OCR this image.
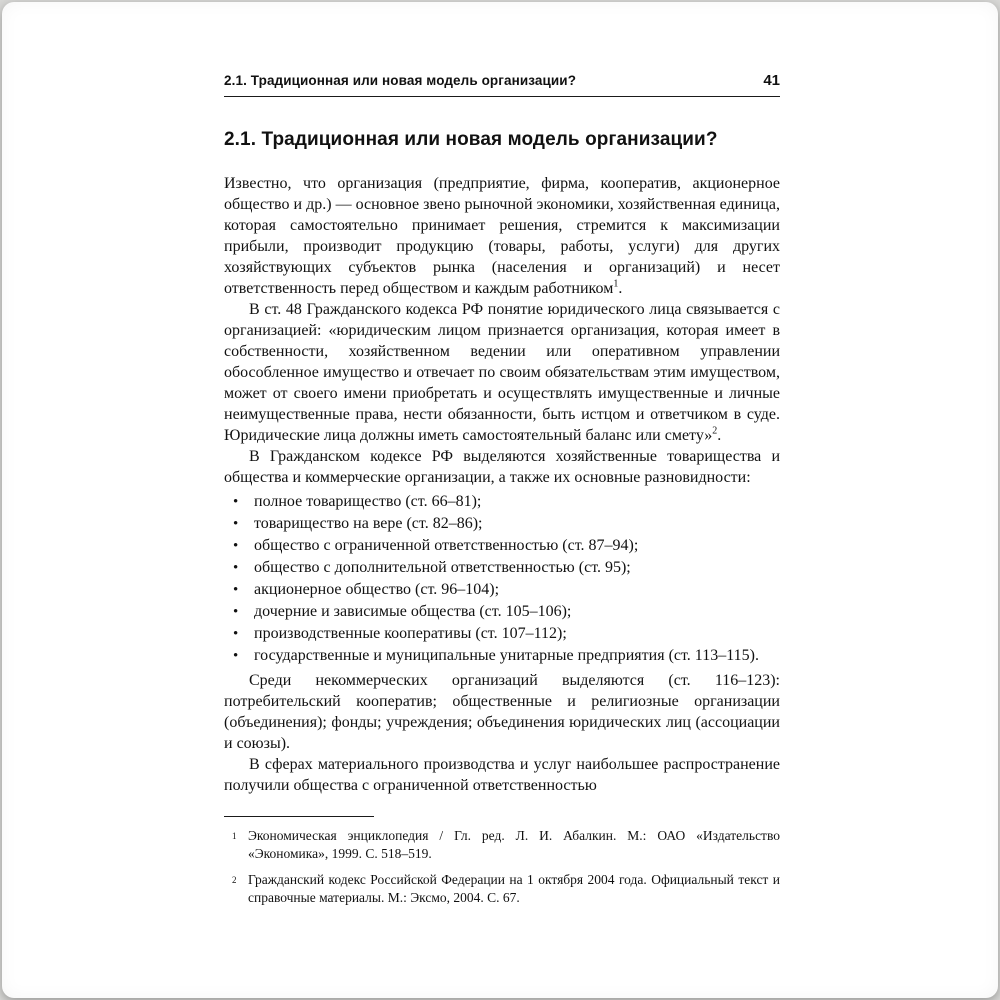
2.1. Традиционная или новая модель организации?	41
2.1. Традиционная или новая модель организации?

Известно, что организация (предприятие, фирма, кооператив, акционерное общество и др.) — основное звено рыночной экономики, хозяйственная единица, которая самостоятельно принимает решения, стремится к максимизации прибыли, производит продукцию (товары, работы, услуги) для других хозяйствующих субъектов рынка (населения и организаций) и несет ответственность перед обществом и каждым работником$^1$.

В ст. 48 Гражданского кодекса РФ понятие юридического лица связывается с организацией: «юридическим лицом признается организация, которая имеет в собственности, хозяйственном ведении или оперативном управлении обособленное имущество и отвечает по своим обязательствам этим имуществом, может от своего имени приобретать и осуществлять имущественные и личные неимущественные права, нести обязанности, быть истцом и ответчиком в суде. Юридические лица должны иметь самостоятельный баланс или смету»$^2$.

В Гражданском кодексе РФ выделяются хозяйственные товарищества и общества и коммерческие организации, а также их основные разновидности:

• полное товарищество (ст. 66–81);
• товарищество на вере (ст. 82–86);
• общество с ограниченной ответственностью (ст. 87–94);
• общество с дополнительной ответственностью (ст. 95);
• акционерное общество (ст. 96–104);
• дочерние и зависимые общества (ст. 105–106);
• производственные кооперативы (ст. 107–112);
• государственные и муниципальные унитарные предприятия (ст. 113–115).

Среди некоммерческих организаций выделяются (ст. 116–123): потребительский кооператив; общественные и религиозные организации (объединения); фонды; учреждения; объединения юридических лиц (ассоциации и союзы).

В сферах материального производства и услуг наибольшее распространение получили общества с ограниченной ответственностью

1 Экономическая энциклопедия / Гл. ред. Л. И. Абалкин. М.: ОАО «Издательство «Экономика», 1999. С. 518–519.
2 Гражданский кодекс Российской Федерации на 1 октября 2004 года. Официальный текст и справочные материалы. М.: Эксмо, 2004. С. 67.
